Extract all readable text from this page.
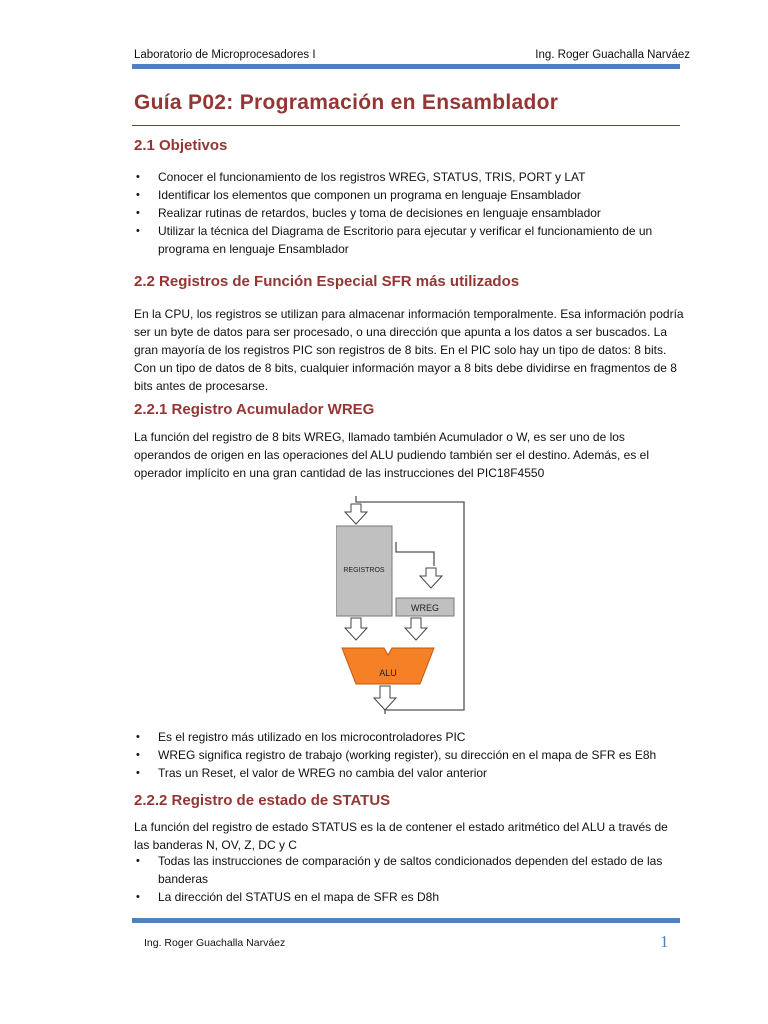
Laboratorio de Microprocesadores I	Ing. Roger Guachalla Narváez
Guía P02: Programación en Ensamblador
2.1 Objetivos
• Conocer el funcionamiento de los registros WREG, STATUS, TRIS, PORT y LAT
• Identificar los elementos que componen un programa en lenguaje Ensamblador
• Realizar rutinas de retardos, bucles y toma de decisiones en lenguaje ensamblador
• Utilizar la técnica del Diagrama de Escritorio para ejecutar y verificar el funcionamiento de un programa en lenguaje Ensamblador
2.2 Registros de Función Especial SFR más utilizados

En la CPU, los registros se utilizan para almacenar información temporalmente. Esa información podría ser un byte de datos para ser procesado, o una dirección que apunta a los datos a ser buscados. La gran mayoría de los registros PIC son registros de 8 bits. En el PIC solo hay un tipo de datos: 8 bits. Con un tipo de datos de 8 bits, cualquier información mayor a 8 bits debe dividirse en fragmentos de 8 bits antes de procesarse.

2.2.1 Registro Acumulador WREG

La función del registro de 8 bits WREG, llamado también Acumulador o W, es ser uno de los operandos de origen en las operaciones del ALU pudiendo también ser el destino. Además, es el operador implícito en una gran cantidad de las instrucciones del PIC18F4550

REGISTROS
WREG
ALU
• Es el registro más utilizado en los microcontroladores PIC
• WREG significa registro de trabajo (working register), su dirección en el mapa de SFR es E8h
• Tras un Reset, el valor de WREG no cambia del valor anterior
2.2.2 Registro de estado de STATUS

La función del registro de estado STATUS es la de contener el estado aritmético del ALU a través de las banderas N, OV, Z, DC y C

• Todas las instrucciones de comparación y de saltos condicionados dependen del estado de las banderas
• La dirección del STATUS en el mapa de SFR es D8h
Ing. Roger Guachalla Narváez	1
